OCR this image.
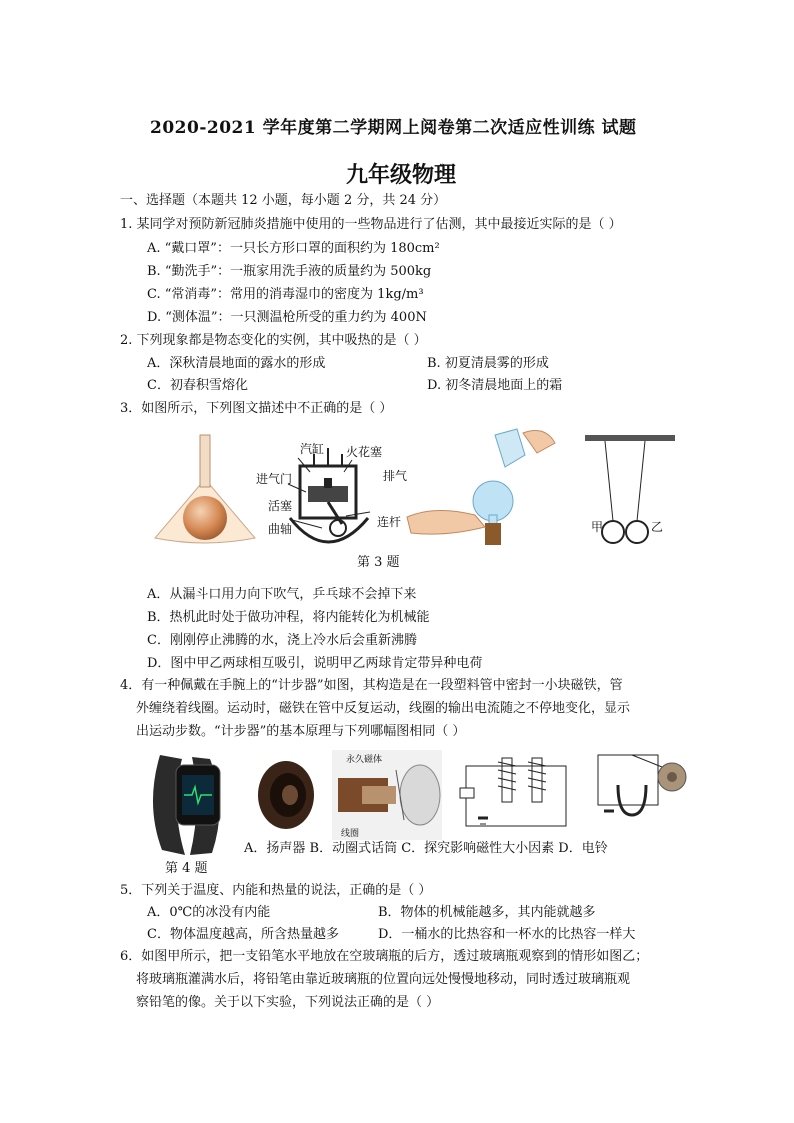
2020-2021 学年度第二学期网上阅卷第二次适应性训练 试题
九年级物理
一、选择题（本题共 12 小题，每小题 2 分，共 24 分）
1. 某同学对预防新冠肺炎措施中使用的一些物品进行了估测，其中最接近实际的是（ ）
A. “戴口罩”：一只长方形口罩的面积约为 180cm²
B. “勤洗手”：一瓶家用洗手液的质量约为 500kg
C. “常消毒”：常用的消毒湿巾的密度为 1kg/m³
D. “测体温”：一只测温枪所受的重力约为 400N
2. 下列现象都是物态变化的实例，其中吸热的是（ ）
A．深秋清晨地面的露水的形成	B. 初夏清晨雾的形成
C．初春积雪熔化	D. 初冬清晨地面上的霜
3．如图所示，下列图文描述中不正确的是（ ）
汽缸 火花塞
进气门	排气
活塞
连杆
曲轴	甲	乙
第 3 题
A．从漏斗口用力向下吹气，乒乓球不会掉下来
B．热机此时处于做功冲程，将内能转化为机械能
C．刚刚停止沸腾的水，浇上冷水后会重新沸腾
D．图中甲乙两球相互吸引，说明甲乙两球肯定带异种电荷
4．有一种佩戴在手腕上的“计步器”如图，其构造是在一段塑料管中密封一小块磁铁，管
外缠绕着线圈。运动时，磁铁在管中反复运动，线圈的输出电流随之不停地变化，显示
出运动步数。“计步器”的基本原理与下列哪幅图相同（ ）
永久磁体
线圈
A．扬声器 B．动圈式话筒 C．探究影响磁性大小因素 D．电铃
第 4 题
5．下列关于温度、内能和热量的说法，正确的是（ ）
A．0℃的冰没有内能	B．物体的机械能越多，其内能就越多
C．物体温度越高，所含热量越多	D．一桶水的比热容和一杯水的比热容一样大
6．如图甲所示，把一支铅笔水平地放在空玻璃瓶的后方，透过玻璃瓶观察到的情形如图乙；
将玻璃瓶灌满水后，将铅笔由靠近玻璃瓶的位置向远处慢慢地移动，同时透过玻璃瓶观
察铅笔的像。关于以下实验，下列说法正确的是（ ）
